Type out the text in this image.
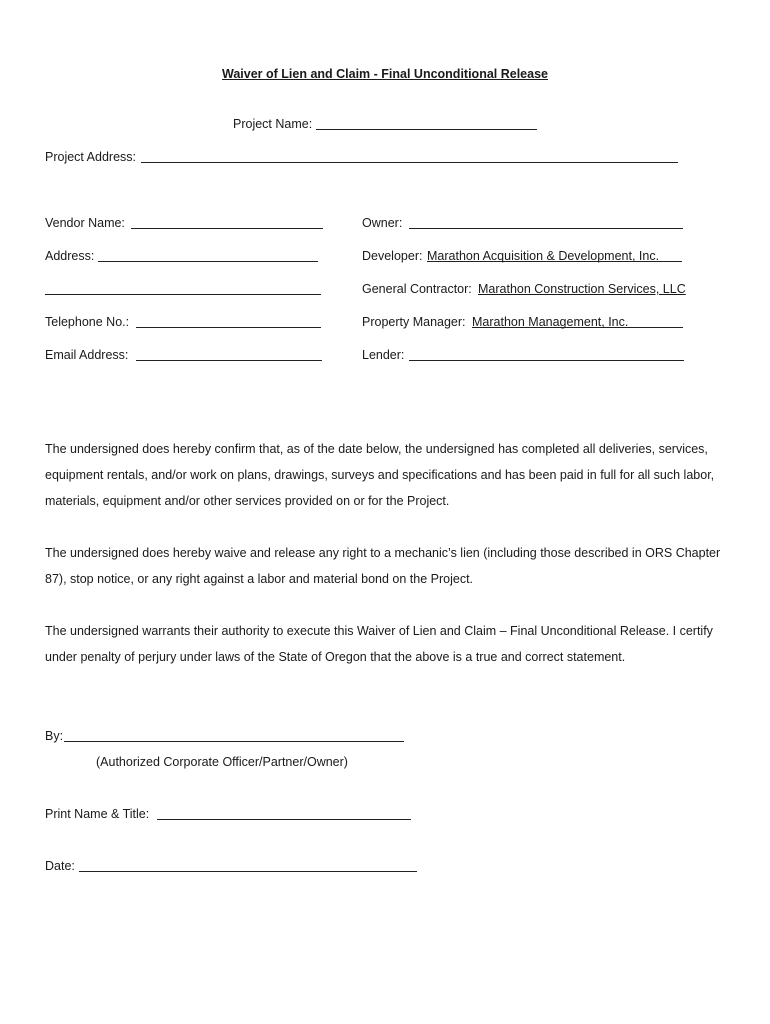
Waiver of Lien and Claim - Final Unconditional Release
Project Name:
Project Address:
Vendor Name:
Address:
Telephone No.:
Email Address:
Owner:
Developer: Marathon Acquisition & Development, Inc.
General Contractor: Marathon Construction Services, LLC
Property Manager: Marathon Management, Inc.
Lender:
The undersigned does hereby confirm that, as of the date below, the undersigned has completed all deliveries, services, equipment rentals, and/or work on plans, drawings, surveys and specifications and has been paid in full for all such labor, materials, equipment and/or other services provided on or for the Project.
The undersigned does hereby waive and release any right to a mechanic’s lien (including those described in ORS Chapter 87), stop notice, or any right against a labor and material bond on the Project.
The undersigned warrants their authority to execute this Waiver of Lien and Claim – Final Unconditional Release. I certify under penalty of perjury under laws of the State of Oregon that the above is a true and correct statement.
By:
(Authorized Corporate Officer/Partner/Owner)
Print Name & Title:
Date:
